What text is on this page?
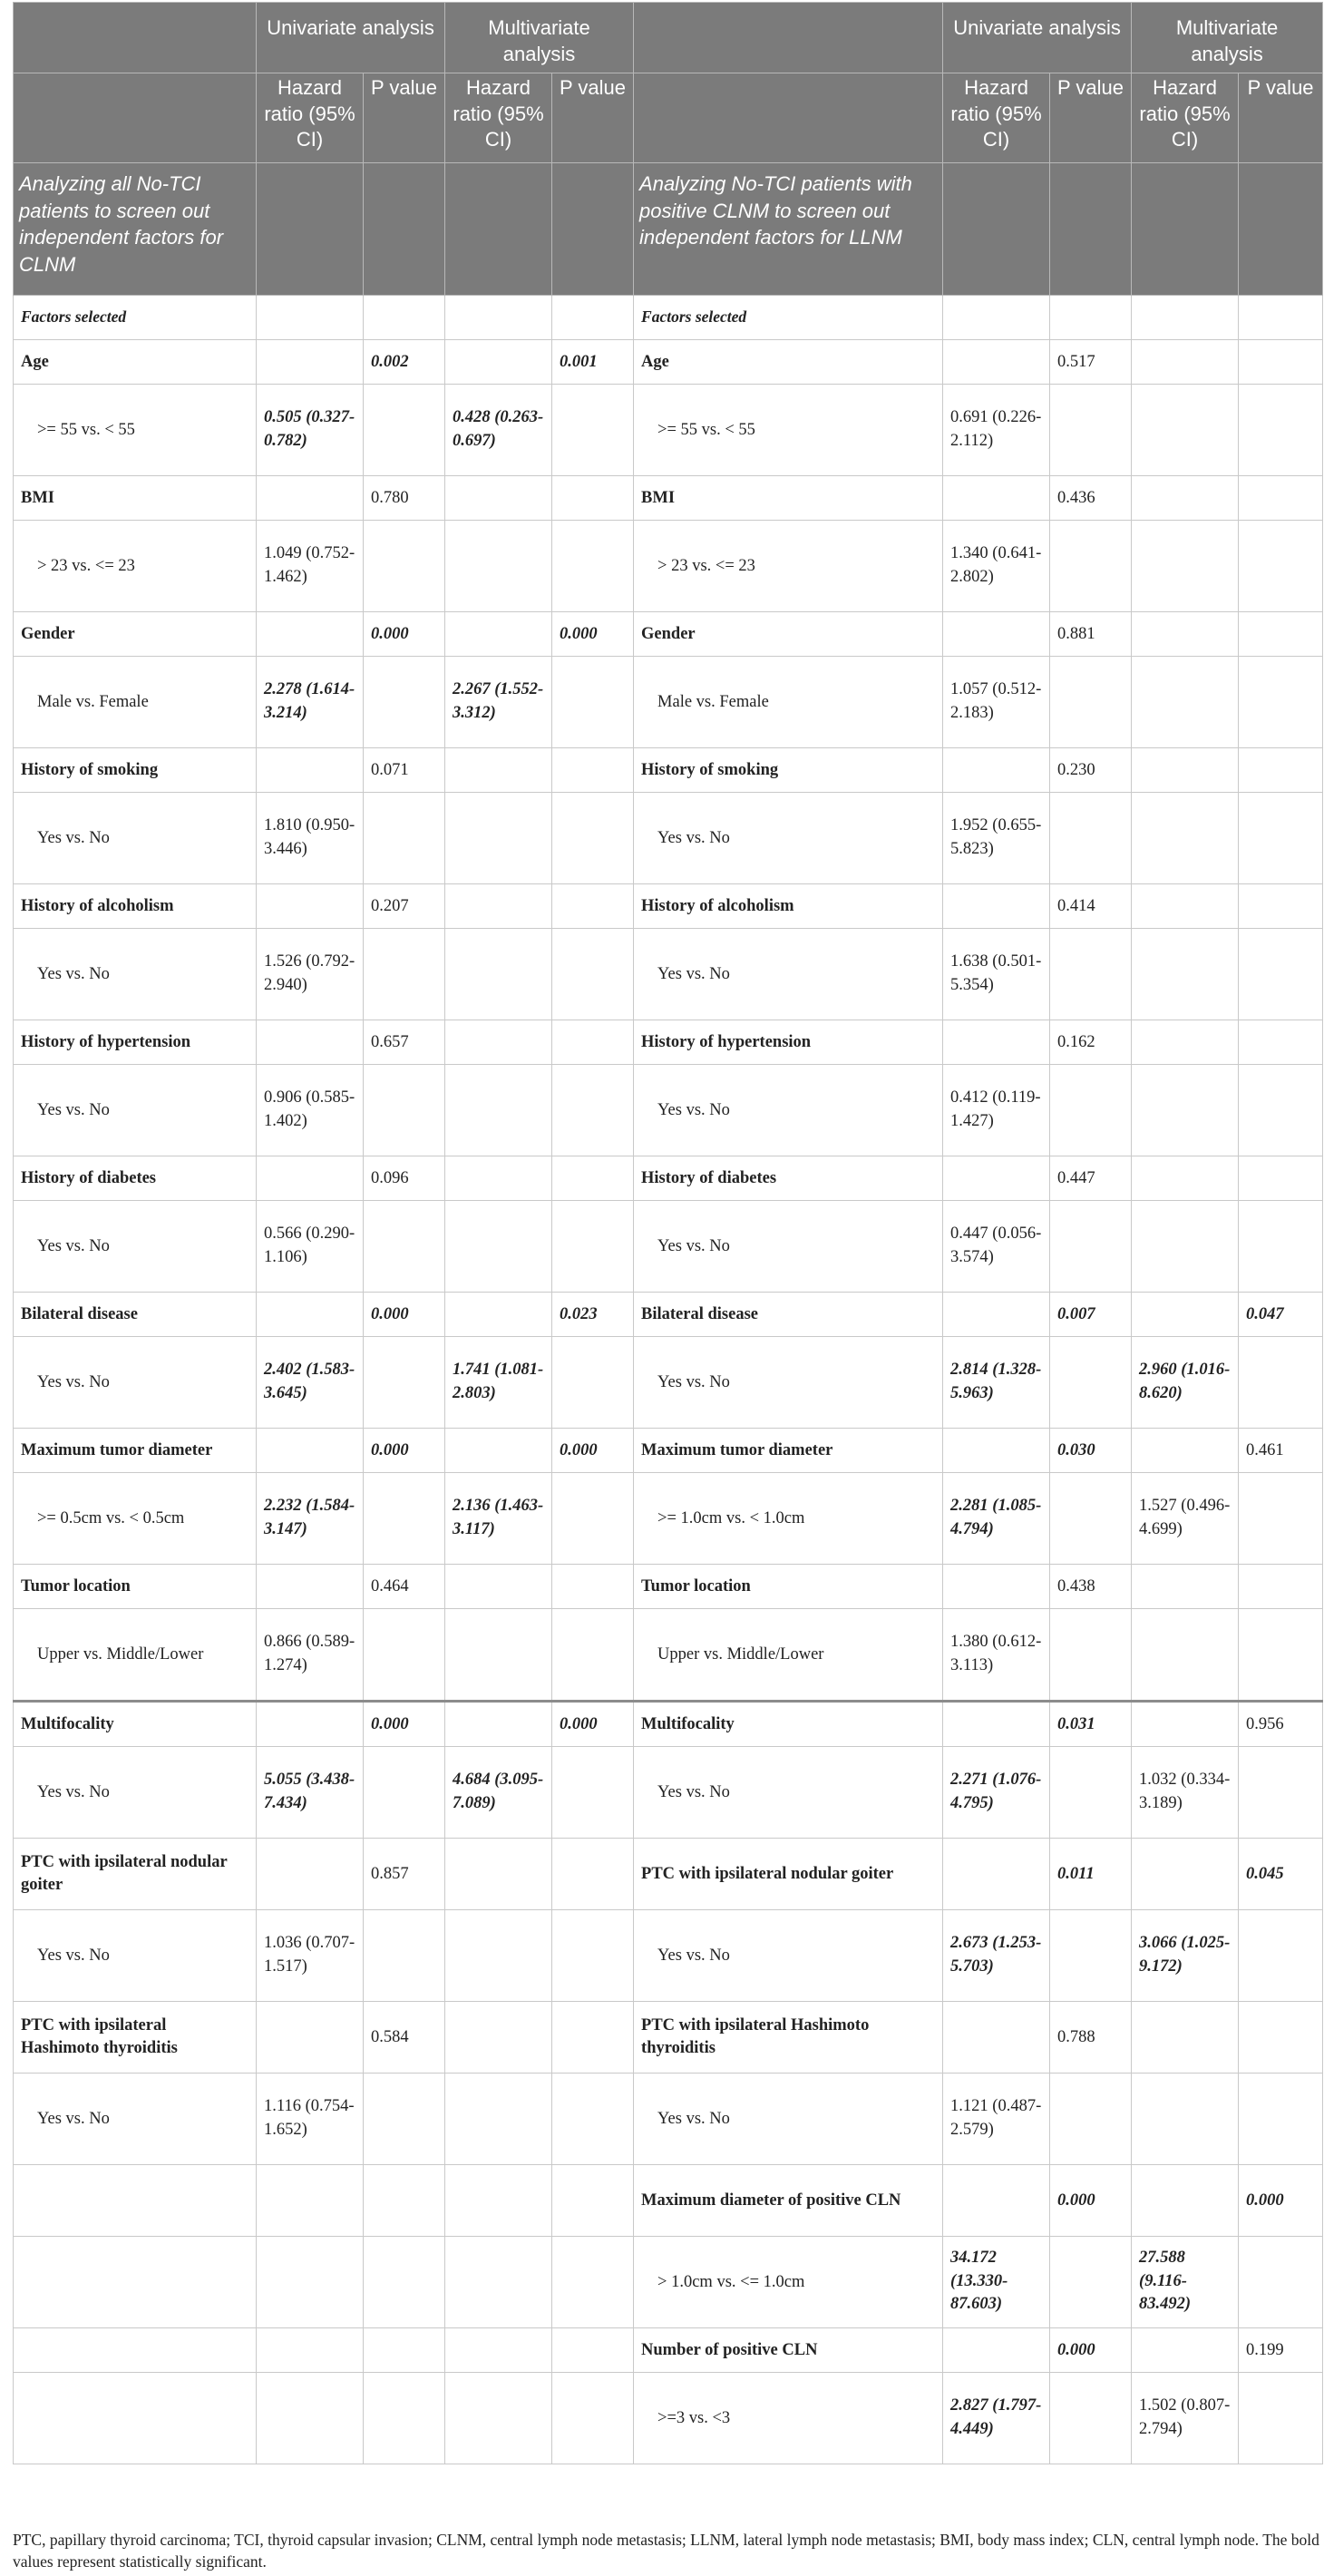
	Univariate analysis		Multivariate analysis			Univariate analysis		Multivariate analysis	
	Hazard ratio (95% CI)	P value	Hazard ratio (95% CI)	P value		Hazard ratio (95% CI)	P value	Hazard ratio (95% CI)	P value
Analyzing all No-TCI patients to screen out independent factors for CLNM					Analyzing No-TCI patients with positive CLNM to screen out independent factors for LLNM				
Factors selected					Factors selected				
Age		0.002		0.001	Age		0.517		
>= 55 vs. < 55	0.505 (0.327-0.782)		0.428 (0.263-0.697)		>= 55 vs. < 55	0.691 (0.226-2.112)			
BMI		0.780			BMI		0.436		
> 23 vs. <= 23	1.049 (0.752-1.462)				> 23 vs. <= 23	1.340 (0.641-2.802)			
Gender		0.000		0.000	Gender		0.881		
Male vs. Female	2.278 (1.614-3.214)		2.267 (1.552-3.312)		Male vs. Female	1.057 (0.512-2.183)			
History of smoking		0.071			History of smoking		0.230		
Yes vs. No	1.810 (0.950-3.446)				Yes vs. No	1.952 (0.655-5.823)			
History of alcoholism		0.207			History of alcoholism		0.414		
Yes vs. No	1.526 (0.792-2.940)				Yes vs. No	1.638 (0.501-5.354)			
History of hypertension		0.657			History of hypertension		0.162		
Yes vs. No	0.906 (0.585-1.402)				Yes vs. No	0.412 (0.119-1.427)			
History of diabetes		0.096			History of diabetes		0.447		
Yes vs. No	0.566 (0.290-1.106)				Yes vs. No	0.447 (0.056-3.574)			
Bilateral disease		0.000		0.023	Bilateral disease		0.007		0.047
Yes vs. No	2.402 (1.583-3.645)		1.741 (1.081-2.803)		Yes vs. No	2.814 (1.328-5.963)		2.960 (1.016-8.620)	
Maximum tumor diameter		0.000		0.000	Maximum tumor diameter		0.030		0.461
>= 0.5cm vs. < 0.5cm	2.232 (1.584-3.147)		2.136 (1.463-3.117)		>= 1.0cm vs. < 1.0cm	2.281 (1.085-4.794)		1.527 (0.496-4.699)	
Tumor location		0.464			Tumor location		0.438		
Upper vs. Middle/Lower	0.866 (0.589-1.274)				Upper vs. Middle/Lower	1.380 (0.612-3.113)			
Multifocality		0.000		0.000	Multifocality		0.031		0.956
Yes vs. No	5.055 (3.438-7.434)		4.684 (3.095-7.089)		Yes vs. No	2.271 (1.076-4.795)		1.032 (0.334-3.189)	
PTC with ipsilateral nodular goiter		0.857			PTC with ipsilateral nodular goiter		0.011		0.045
Yes vs. No	1.036 (0.707-1.517)				Yes vs. No	2.673 (1.253-5.703)		3.066 (1.025-9.172)	
PTC with ipsilateral Hashimoto thyroiditis		0.584			PTC with ipsilateral Hashimoto thyroiditis		0.788		
Yes vs. No	1.116 (0.754-1.652)				Yes vs. No	1.121 (0.487-2.579)			
					Maximum diameter of positive CLN		0.000		0.000
					> 1.0cm vs. <= 1.0cm	34.172 (13.330-87.603)		27.588 (9.116-83.492)	
					Number of positive CLN		0.000		0.199
					>=3 vs. <3	2.827 (1.797-4.449)		1.502 (0.807-2.794)	
PTC, papillary thyroid carcinoma; TCI, thyroid capsular invasion; CLNM, central lymph node metastasis; LLNM, lateral lymph node metastasis; BMI, body mass index; CLN, central lymph node. The bold values represent statistically significant.
